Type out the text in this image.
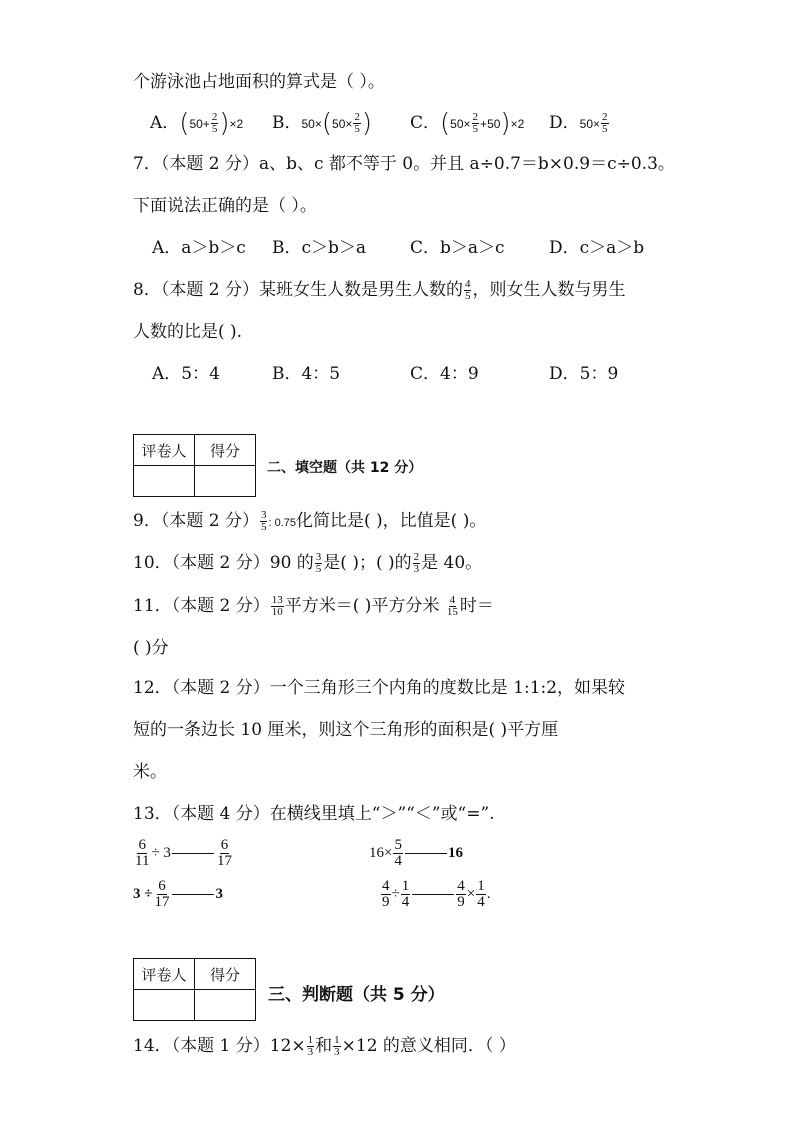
个游泳池占地面积的算式是（ ）。
A．$(50+ \frac{2}{5} )\times 2$ B．$50\times(50\times \frac{2}{5}$ ) C．$(50\times \frac{2}{5} +50)\times 2$ D．$50\times \frac{2}{5}$
7．（本题 2 分）a、b、c 都不等于 0。并且 a÷0.7＝b×0.9＝c÷0.3。
下面说法正确的是（ ）。
A．a＞b＞c B．c＞b＞a	C．b＞a＞c	D．c＞a＞b
8．（本题 2 分）某班女生人数是男生人数的 $\frac{4}{5}$ ，则女生人数与男生
人数的比是( ).
A．5：4	B．4：5	C．4：9	D．5：9
评卷人	得分

二、填空题（共 12 分）
9．（本题 2 分） $\frac{3}{5}$ : 0.75化简比是( )，比值是( )。
10．（本题 2 分）90 的 $\frac{3}{5}$ 是( )；( )的 $\frac{2}{3}$ 是 40。
11．（本题 2 分） $\frac{13}{10}$ 平方米＝( )平方分米 $\frac{4}{15}$ 时＝
( )分
12．（本题 2 分）一个三角形三个内角的度数比是 1:1:2，如果较
短的一条边长 10 厘米，则这个三角形的面积是( )平方厘
米。
13．（本题 4 分）在横线里填上“＞”“＜”或“=”.
$\frac{6}{11} \div 3$	$\frac{6}{17}$	$16\times \frac{5}{4}$	16
$3 \div \frac{6}{17}$	3	$\frac{4}{9} \div \frac{1}{4}$	$\frac{4}{9} \times \frac{1}{4}$ .
评卷人	得分

三、判断题（共 5 分）
14．（本题 1 分）$12\times \frac{1}{3}$ 和 $\frac{1}{3} \times 12$ 的意义相同．（ ）
